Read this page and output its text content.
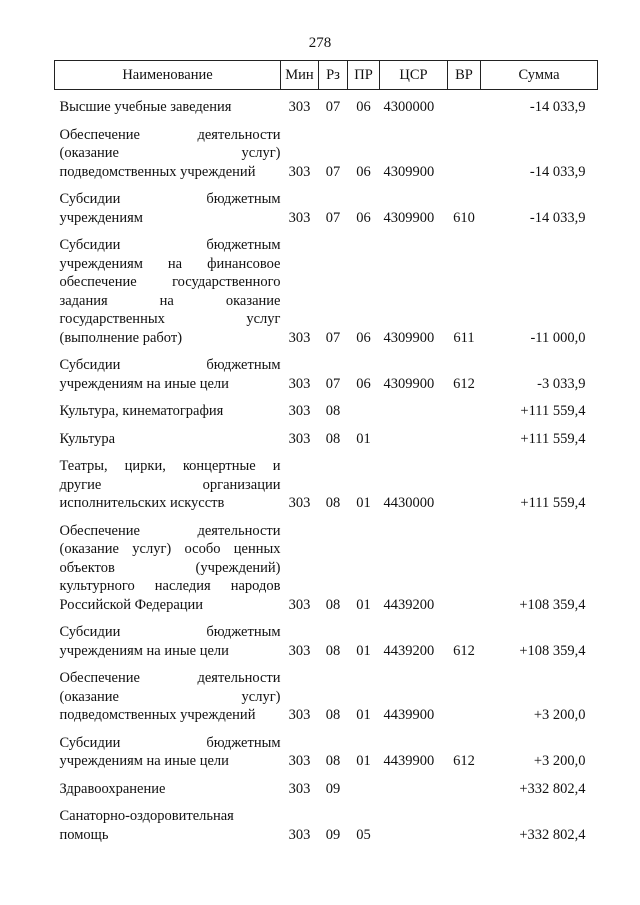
278
Наименование	Мин	Рз	ПР	ЦСР	ВР	Сумма
Высшие учебные заведения	303	07	06	4300000		-14 033,9
Обеспечение деятельности (оказание услуг) подведомственных учреждений	303	07	06	4309900		-14 033,9
Субсидии бюджетным учреждениям	303	07	06	4309900	610	-14 033,9
Субсидии бюджетным учреждениям на финансовое обеспечение государственного задания на оказание государственных услуг (выполнение работ)	303	07	06	4309900	611	-11 000,0
Субсидии бюджетным учреждениям на иные цели	303	07	06	4309900	612	-3 033,9
Культура, кинематография	303	08				+111 559,4
Культура	303	08	01			+111 559,4
Театры, цирки, концертные и другие организации исполнительских искусств	303	08	01	4430000		+111 559,4
Обеспечение деятельности (оказание услуг) особо ценных объектов (учреждений) культурного наследия народов Российской Федерации	303	08	01	4439200		+108 359,4
Субсидии бюджетным учреждениям на иные цели	303	08	01	4439200	612	+108 359,4
Обеспечение деятельности (оказание услуг) подведомственных учреждений	303	08	01	4439900		+3 200,0
Субсидии бюджетным учреждениям на иные цели	303	08	01	4439900	612	+3 200,0
Здравоохранение	303	09				+332 802,4
Санаторно-оздоровительная помощь	303	09	05			+332 802,4
